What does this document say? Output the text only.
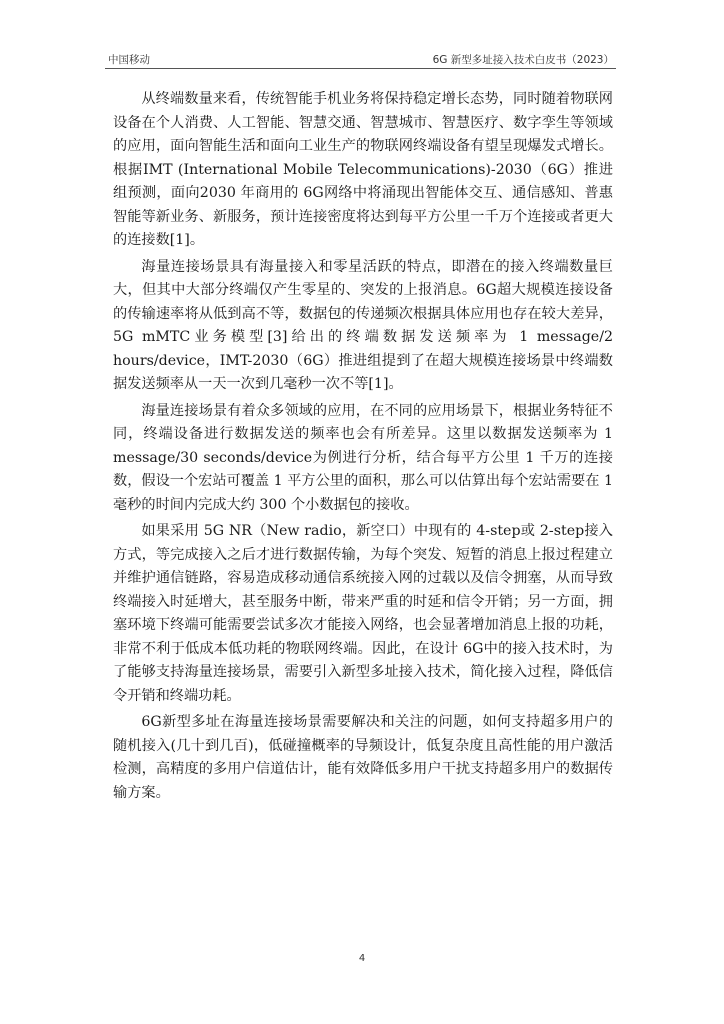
中国移动	6G 新型多址接入技术白皮书（2023）

从终端数量来看，传统智能手机业务将保持稳定增长态势，同时随着物联网设备在个人消费、人工智能、智慧交通、智慧城市、智慧医疗、数字孪生等领域的应用，面向智能生活和面向工业生产的物联网终端设备有望呈现爆发式增长。根据IMT (International Mobile Telecommunications)-2030（6G）推进组预测，面向2030 年商用的 6G网络中将涌现出智能体交互、通信感知、普惠智能等新业务、新服务，预计连接密度将达到每平方公里一千万个连接或者更大的连接数[1]。

海量连接场景具有海量接入和零星活跃的特点，即潜在的接入终端数量巨大，但其中大部分终端仅产生零星的、突发的上报消息。6G超大规模连接设备的传输速率将从低到高不等，数据包的传递频次根据具体应用也存在较大差异，5G mMTC业务模型[3]给出的终端数据发送频率为 1 message/2 hours/device，IMT-2030（6G）推进组提到了在超大规模连接场景中终端数据发送频率从一天一次到几毫秒一次不等[1]。

海量连接场景有着众多领域的应用，在不同的应用场景下，根据业务特征不同，终端设备进行数据发送的频率也会有所差异。这里以数据发送频率为 1 message/30 seconds/device为例进行分析，结合每平方公里 1 千万的连接数，假设一个宏站可覆盖 1 平方公里的面积，那么可以估算出每个宏站需要在 1 毫秒的时间内完成大约 300 个小数据包的接收。

如果采用 5G NR（New radio，新空口）中现有的 4-step或 2-step接入方式，等完成接入之后才进行数据传输，为每个突发、短暂的消息上报过程建立并维护通信链路，容易造成移动通信系统接入网的过载以及信令拥塞，从而导致终端接入时延增大，甚至服务中断，带来严重的时延和信令开销；另一方面，拥塞环境下终端可能需要尝试多次才能接入网络，也会显著增加消息上报的功耗，非常不利于低成本低功耗的物联网终端。因此，在设计 6G中的接入技术时，为了能够支持海量连接场景，需要引入新型多址接入技术，简化接入过程，降低信令开销和终端功耗。

6G新型多址在海量连接场景需要解决和关注的问题，如何支持超多用户的随机接入(几十到几百)，低碰撞概率的导频设计，低复杂度且高性能的用户激活检测，高精度的多用户信道估计，能有效降低多用户干扰支持超多用户的数据传输方案。

4
